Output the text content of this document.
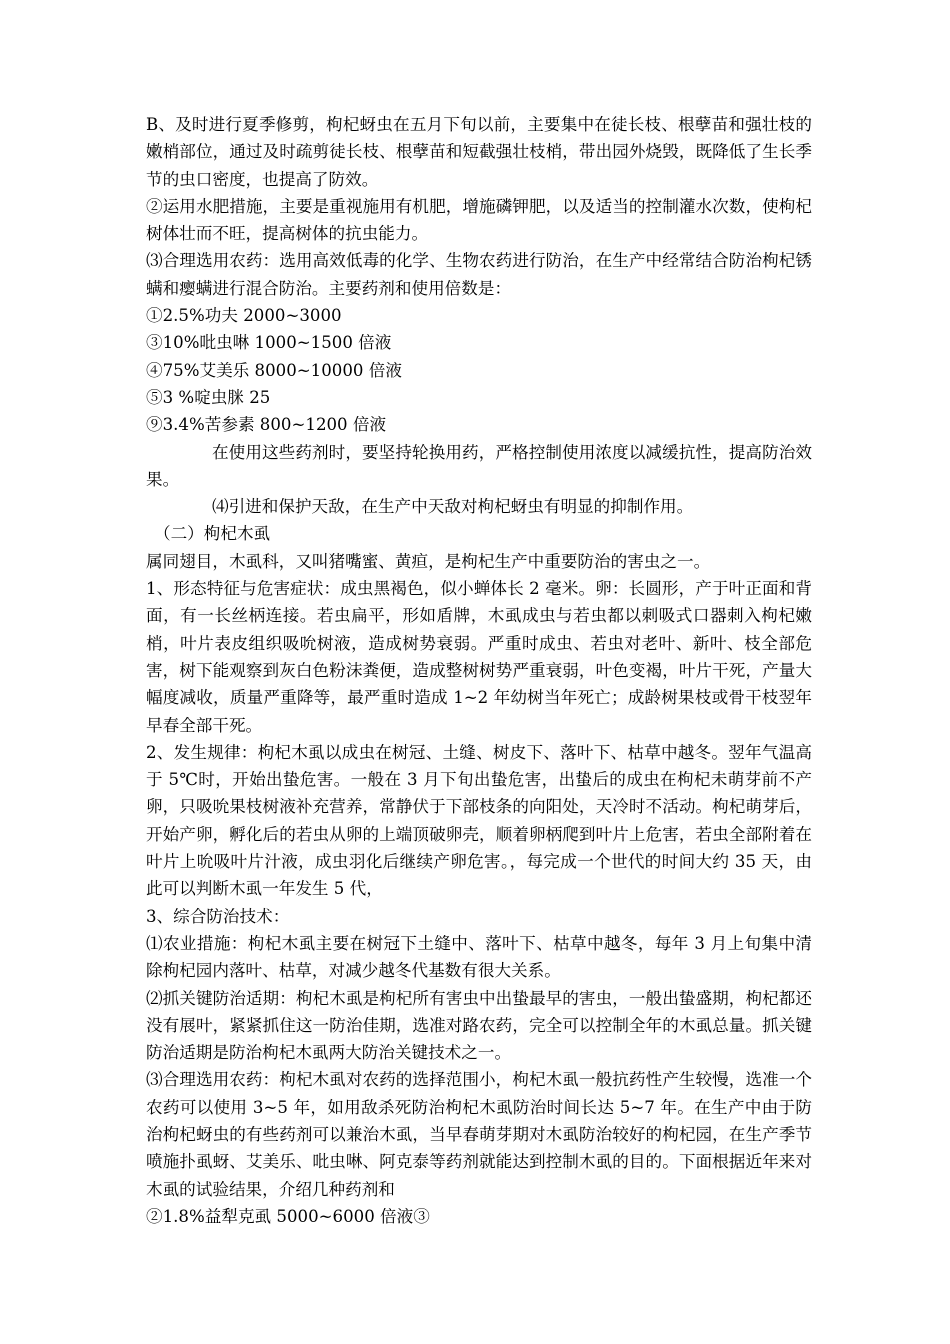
B、及时进行夏季修剪，枸杞蚜虫在五月下旬以前，主要集中在徒长枝、根孽苗和强壮枝的嫩梢部位，通过及时疏剪徒长枝、根孽苗和短截强壮枝梢，带出园外烧毁，既降低了生长季节的虫口密度，也提高了防效。

②运用水肥措施，主要是重视施用有机肥，增施磷钾肥，以及适当的控制灌水次数，使枸杞树体壮而不旺，提高树体的抗虫能力。

⑶合理选用农药：选用高效低毒的化学、生物农药进行防治，在生产中经常结合防治枸杞锈螨和瘿螨进行混合防治。主要药剂和使用倍数是：

①2.5%功夫 2000~3000

③10%吡虫啉 1000~1500 倍液

④75%艾美乐 8000~10000 倍液

⑤3 %啶虫脒 25

⑨3.4%苦参素 800~1200 倍液

在使用这些药剂时，要坚持轮换用药，严格控制使用浓度以减缓抗性，提高防治效果。

⑷引进和保护天敌，在生产中天敌对枸杞蚜虫有明显的抑制作用。

（二）枸杞木虱

属同翅目，木虱科，又叫猪嘴蜜、黄疸，是枸杞生产中重要防治的害虫之一。

1、形态特征与危害症状：成虫黑褐色，似小蝉体长 2 毫米。卵：长圆形，产于叶正面和背面，有一长丝柄连接。若虫扁平，形如盾牌，木虱成虫与若虫都以刺吸式口器刺入枸杞嫩梢，叶片表皮组织吸吮树液，造成树势衰弱。严重时成虫、若虫对老叶、新叶、枝全部危害，树下能观察到灰白色粉沫粪便，造成整树树势严重衰弱，叶色变褐，叶片干死，产量大幅度减收，质量严重降等，最严重时造成 1~2 年幼树当年死亡；成龄树果枝或骨干枝翌年早春全部干死。

2、发生规律：枸杞木虱以成虫在树冠、土缝、树皮下、落叶下、枯草中越冬。翌年气温高于 5℃时，开始出蛰危害。一般在 3 月下旬出蛰危害，出蛰后的成虫在枸杞未萌芽前不产卵，只吸吮果枝树液补充营养，常静伏于下部枝条的向阳处，天冷时不活动。枸杞萌芽后，开始产卵，孵化后的若虫从卵的上端顶破卵壳，顺着卵柄爬到叶片上危害，若虫全部附着在叶片上吮吸叶片汁液，成虫羽化后继续产卵危害。，每完成一个世代的时间大约 35 天，由此可以判断木虱一年发生 5 代，

3、综合防治技术：

⑴农业措施：枸杞木虱主要在树冠下土缝中、落叶下、枯草中越冬，每年 3 月上旬集中清除枸杞园内落叶、枯草，对减少越冬代基数有很大关系。

⑵抓关键防治适期：枸杞木虱是枸杞所有害虫中出蛰最早的害虫，一般出蛰盛期，枸杞都还没有展叶，紧紧抓住这一防治佳期，选准对路农药，完全可以控制全年的木虱总量。抓关键防治适期是防治枸杞木虱两大防治关键技术之一。

⑶合理选用农药：枸杞木虱对农药的选择范围小，枸杞木虱一般抗药性产生较慢，选准一个农药可以使用 3~5 年，如用敌杀死防治枸杞木虱防治时间长达 5~7 年。在生产中由于防治枸杞蚜虫的有些药剂可以兼治木虱，当早春萌芽期对木虱防治较好的枸杞园，在生产季节喷施扑虱蚜、艾美乐、吡虫啉、阿克泰等药剂就能达到控制木虱的目的。下面根据近年来对木虱的试验结果，介绍几种药剂和

②1.8%益犁克虱 5000~6000 倍液③
